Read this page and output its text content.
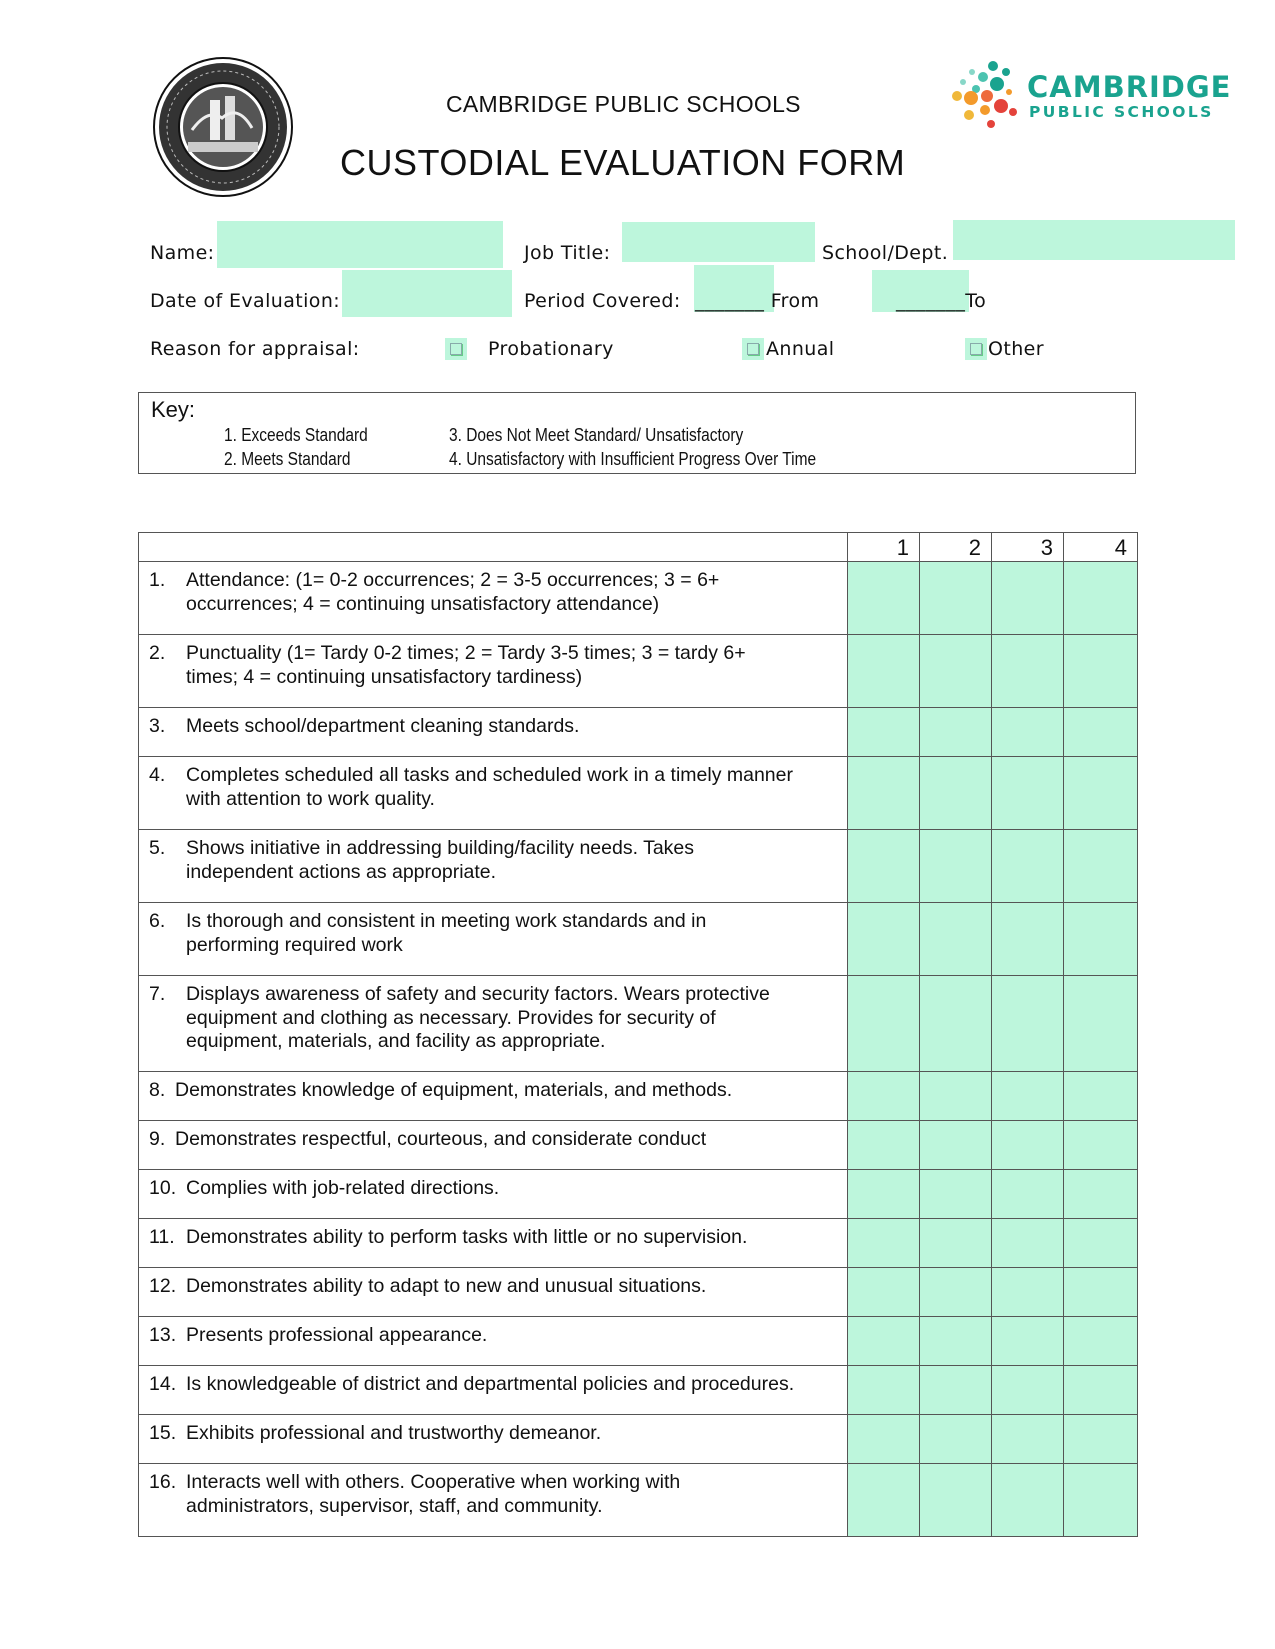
CAMBRIDGE
PUBLIC SCHOOLS
CAMBRIDGE PUBLIC SCHOOLS
CUSTODIAL EVALUATION FORM
Name:	Job Title:	School/Dept.
Date of Evaluation:	Period Covered: _______ From	_______To
Reason for appraisal:	Probationary	Annual	Other
Key:
1. Exceeds Standard
2. Meets Standard
3. Does Not Meet Standard/ Unsatisfactory
4. Unsatisfactory with Insufficient Progress Over Time
	1	2	3	4
1. Attendance: (1= 0-2 occurrences; 2 = 3-5 occurrences; 3 = 6+
occurrences; 4 = continuing unsatisfactory attendance)				

2. Punctuality (1= Tardy 0-2 times; 2 = Tardy 3-5 times; 3 = tardy 6+
times; 4 = continuing unsatisfactory tardiness)				

3. Meets school/department cleaning standards.				

4. Completes scheduled all tasks and scheduled work in a timely manner
with attention to work quality.				

5. Shows initiative in addressing building/facility needs. Takes
independent actions as appropriate.				

6. Is thorough and consistent in meeting work standards and in
performing required work				

7. Displays awareness of safety and security factors. Wears protective
equipment and clothing as necessary. Provides for security of
equipment, materials, and facility as appropriate.				

8. Demonstrates knowledge of equipment, materials, and methods.				

9. Demonstrates respectful, courteous, and considerate conduct				

10. Complies with job-related directions.				

11. Demonstrates ability to perform tasks with little or no supervision.				

12. Demonstrates ability to adapt to new and unusual situations.				

13. Presents professional appearance.				

14. Is knowledgeable of district and departmental policies and procedures.				

15. Exhibits professional and trustworthy demeanor.				

16. Interacts well with others. Cooperative when working with
administrators, supervisor, staff, and community.				
